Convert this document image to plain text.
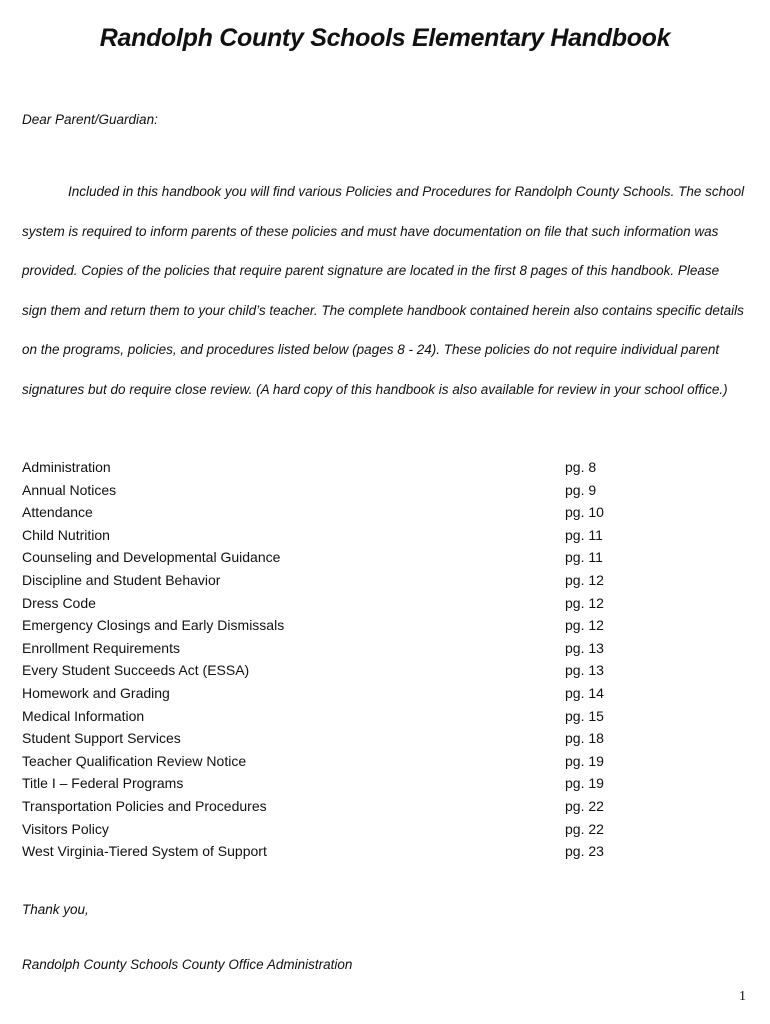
Randolph County Schools Elementary Handbook
Dear Parent/Guardian:

Included in this handbook you will find various Policies and Procedures for Randolph County Schools. The school system is required to inform parents of these policies and must have documentation on file that such information was provided. Copies of the policies that require parent signature are located in the first 8 pages of this handbook. Please sign them and return them to your child’s teacher. The complete handbook contained herein also contains specific details on the programs, policies, and procedures listed below (pages 8 - 24). These policies do not require individual parent signatures but do require close review. (A hard copy of this handbook is also available for review in your school office.)

Administration	pg. 8
Annual Notices	pg. 9
Attendance	pg. 10
Child Nutrition	pg. 11
Counseling and Developmental Guidance	pg. 11
Discipline and Student Behavior	pg. 12
Dress Code	pg. 12
Emergency Closings and Early Dismissals	pg. 12
Enrollment Requirements	pg. 13
Every Student Succeeds Act (ESSA)	pg. 13
Homework and Grading	pg. 14
Medical Information	pg. 15
Student Support Services	pg. 18
Teacher Qualification Review Notice	pg. 19
Title I – Federal Programs	pg. 19
Transportation Policies and Procedures	pg. 22
Visitors Policy	pg. 22
West Virginia-Tiered System of Support	pg. 23
Thank you,
Randolph County Schools County Office Administration
1
